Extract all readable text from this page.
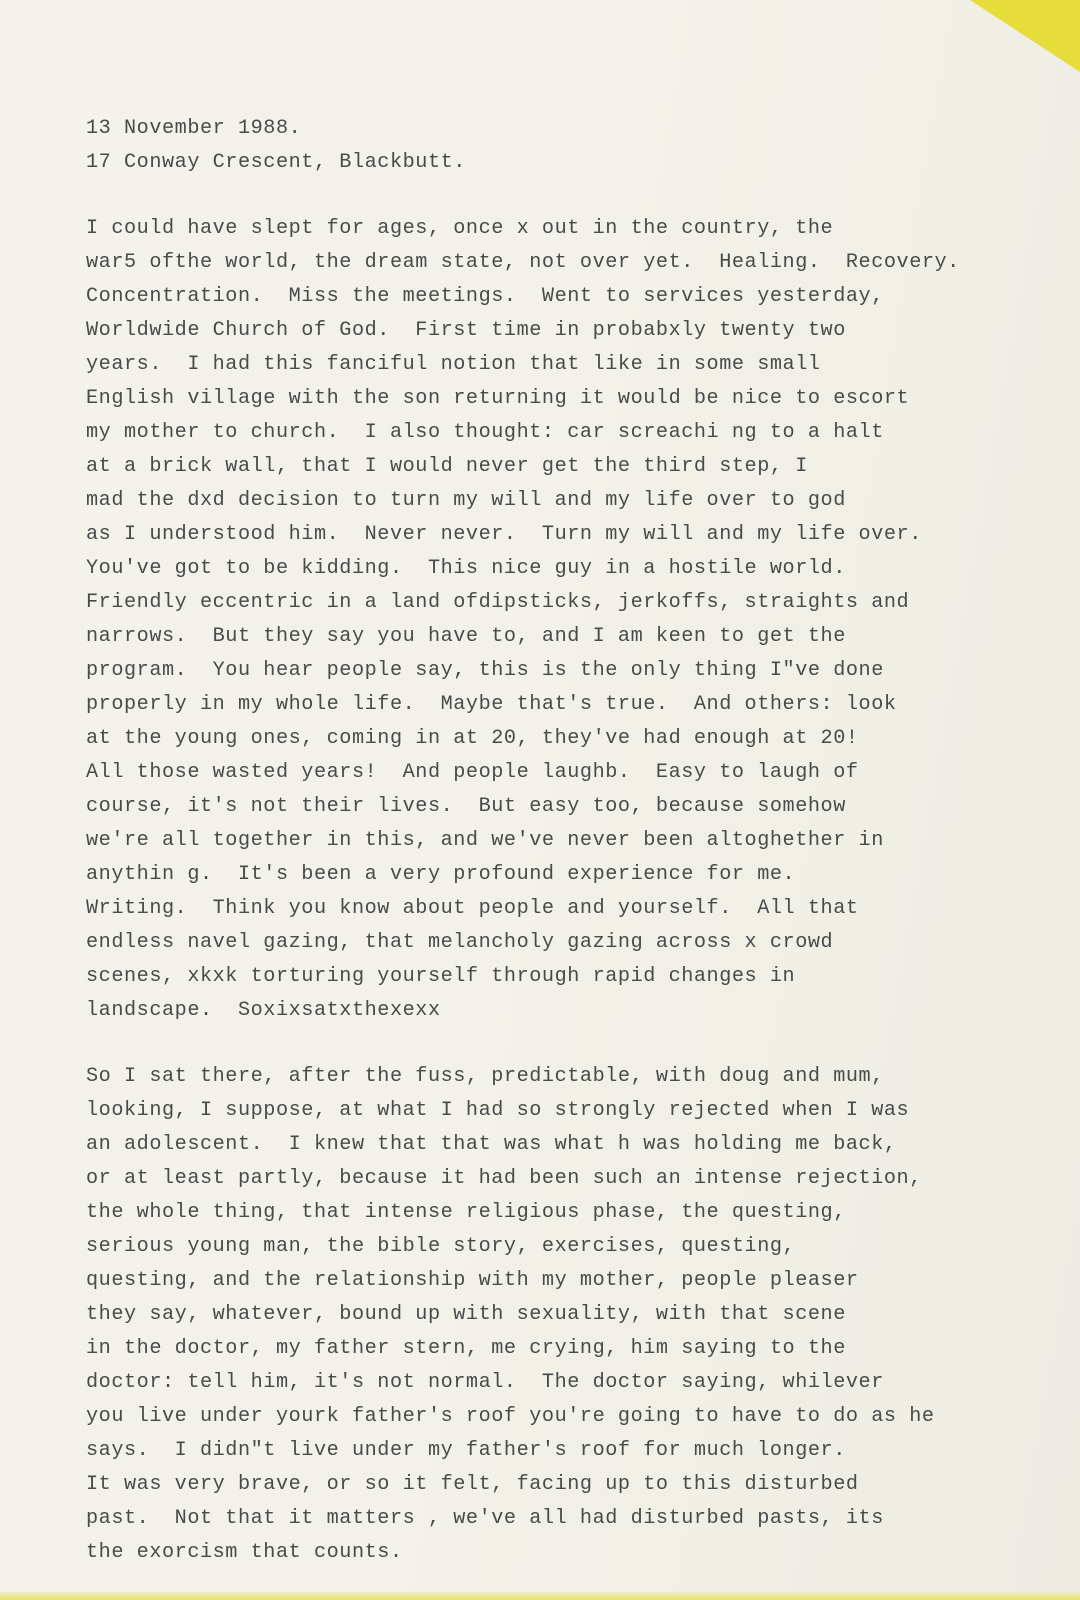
13 November 1988.
17 Conway Crescent, Blackbutt.
I could have slept for ages, once x out in the country, the
war5 ofthe world, the dream state, not over yet.  Healing.  Recovery.
Concentration.  Miss the meetings.  Went to services yesterday,
Worldwide Church of God.  First time in probabxly twenty two
years.  I had this fanciful notion that like in some small
English village with the son returning it would be nice to escort
my mother to church.  I also thought: car screachi ng to a halt
at a brick wall, that I would never get the third step, I
mad the dxd decision to turn my will and my life over to god
as I understood him.  Never never.  Turn my will and my life over.
You've got to be kidding.  This nice guy in a hostile world.
Friendly eccentric in a land ofdipsticks, jerkoffs, straights and
narrows.  But they say you have to, and I am keen to get the
program.  You hear people say, this is the only thing I"ve done
properly in my whole life.  Maybe that's true.  And others: look
at the young ones, coming in at 20, they've had enough at 20!
All those wasted years!  And people laughb.  Easy to laugh of
course, it's not their lives.  But easy too, because somehow
we're all together in this, and we've never been altoghether in
anythin g.  It's been a very profound experience for me.
Writing.  Think you know about people and yourself.  All that
endless navel gazing, that melancholy gazing across x crowd
scenes, xkxk torturing yourself through rapid changes in
landscape.  Soxixsatxthexexx
So I sat there, after the fuss, predictable, with doug and mum,
looking, I suppose, at what I had so strongly rejected when I was
an adolescent.  I knew that that was what h was holding me back,
or at least partly, because it had been such an intense rejection,
the whole thing, that intense religious phase, the questing,
serious young man, the bible story, exercises, questing,
questing, and the relationship with my mother, people pleaser
they say, whatever, bound up with sexuality, with that scene
in the doctor, my father stern, me crying, him saying to the
doctor: tell him, it's not normal.  The doctor saying, whilever
you live under yourk father's roof you're going to have to do as he
says.  I didn"t live under my father's roof for much longer.
It was very brave, or so it felt, facing up to this disturbed
past.  Not that it matters , we've all had disturbed pasts, its
the exorcism that counts.
